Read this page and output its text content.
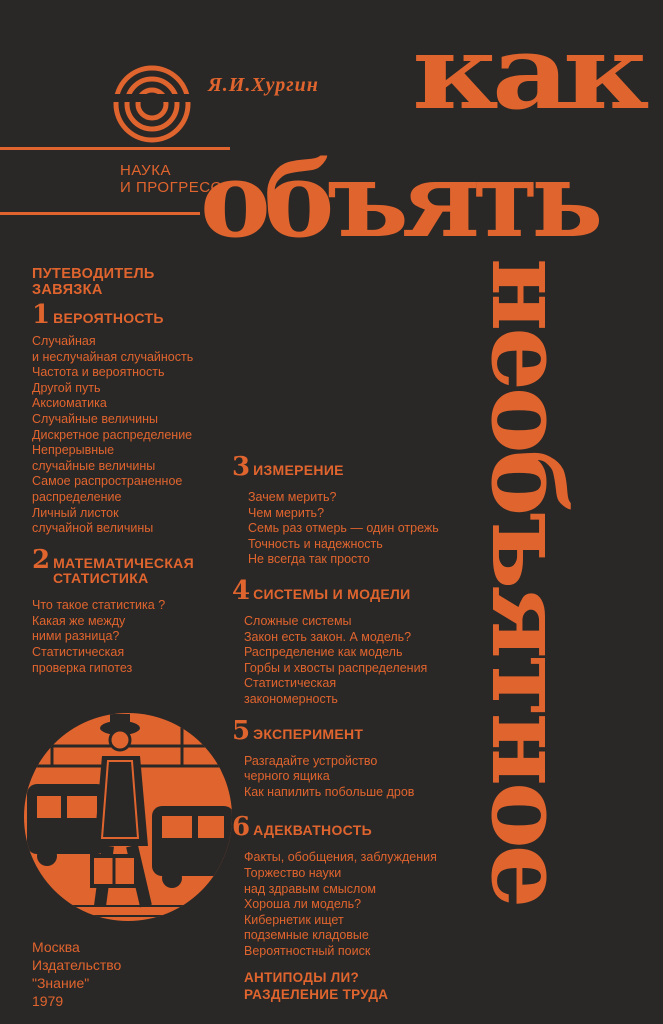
НАУКА
И ПРОГРЕСС
Я.И.Хургин как
объять
необъятное
ПУТЕВОДИТЕЛЬ
ЗАВЯЗКА
1 ВЕРОЯТНОСТЬ
Случайная
и неслучайная случайность
Частота и вероятность
Другой путь
Аксиоматика
Случайные величины
Дискретное распределение
Непрерывные
случайные величины
Самое распространенное
распределение
Личный листок
случайной величины
2 МАТЕМАТИЧЕСКАЯ
СТАТИСТИКА
Что такое статистика ?
Какая же между
ними разница?
Статистическая
проверка гипотез
Москва
Издательство
"Знание"
1979
3 ИЗМЕРЕНИЕ
Зачем мерить?
Чем мерить?
Семь раз отмерь — один отрежь
Точность и надежность
Не всегда так просто
4 СИСТЕМЫ И МОДЕЛИ
Сложные системы
Закон есть закон. А модель?
Распределение как модель
Горбы и хвосты распределения
Статистическая
закономерность
5 ЭКСПЕРИМЕНТ
Разгадайте устройство
черного ящика
Как напилить побольше дров
6 АДЕКВАТНОСТЬ
Факты, обобщения, заблуждения
Торжество науки
над здравым смыслом
Хороша ли модель?
Кибернетик ищет
подземные кладовые
Вероятностный поиск
АНТИПОДЫ ЛИ?
РАЗДЕЛЕНИЕ ТРУДА
